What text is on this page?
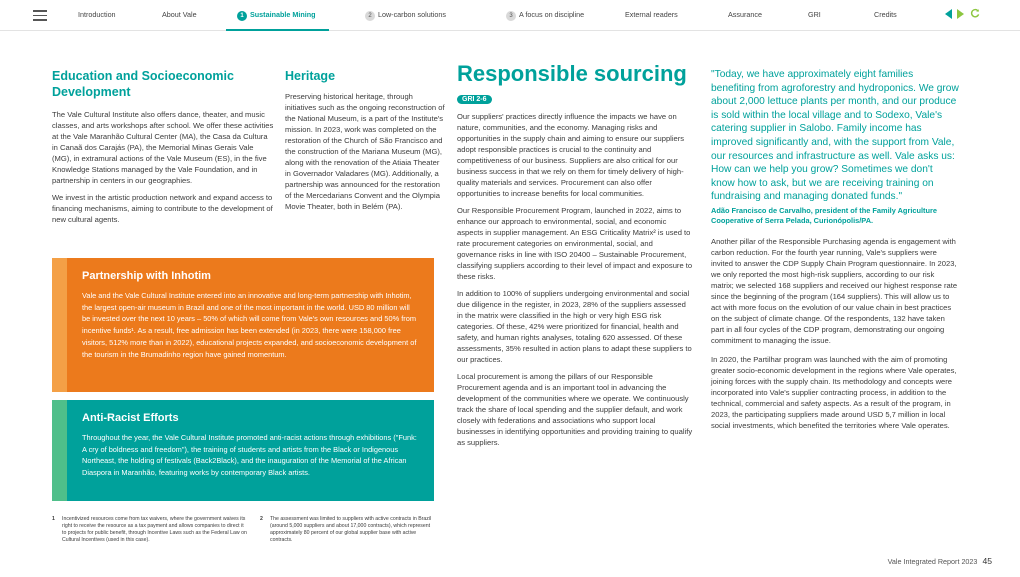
Introduction	About Vale	1 Sustainable Mining	2 Low-carbon solutions	3 A focus on discipline	External readers	Assurance	GRI	Credits
Education and Socioeconomic Development

The Vale Cultural Institute also offers dance, theater, and music classes, and arts workshops after school. We offer these activities at the Vale Maranhão Cultural Center (MA), the Casa da Cultura in Canaã dos Carajás (PA), the Memorial Minas Gerais Vale (MG), in extramural actions of the Vale Museum (ES), in the five Knowledge Stations managed by the Vale Foundation, and in partnership in centers in our geographies.

We invest in the artistic production network and expand access to financing mechanisms, aiming to contribute to the development of new cultural agents.

Heritage

Preserving historical heritage, through initiatives such as the ongoing reconstruction of the National Museum, is a part of the Institute's mission. In 2023, work was completed on the restoration of the Church of São Francisco and the construction of the Mariana Museum (MG), along with the renovation of the Atiaia Theater in Governador Valadares (MG). Additionally, a partnership was announced for the restoration of the Mercedarians Convent and the Olympia Movie Theater, both in Belém (PA).

Partnership with Inhotim
Vale and the Vale Cultural Institute entered into an innovative and long-term partnership with Inhotim, the largest open-air museum in Brazil and one of the most important in the world. USD 80 million will be invested over the next 10 years – 50% of which will come from Vale's own resources and 50% from incentive funds¹. As a result, free admission has been extended (in 2023, there were 158,000 free visitors, 512% more than in 2022), educational projects expanded, and socioeconomic development of the tourism in the Brumadinho region have gained momentum.
Anti-Racist Efforts
Throughout the year, the Vale Cultural Institute promoted anti-racist actions through exhibitions ("Funk: A cry of boldness and freedom"), the training of students and artists from the Black or Indigenous Northeast, the holding of festivals (Back2Black), and the inauguration of the Memorial of the African Diaspora in Maranhão, featuring works by contemporary Black artists.
1 Incentivized resources come from tax waivers, where the government waives its right to receive the resource as a tax payment and allows companies to direct it to projects for public benefit, through Incentive Laws such as the Federal Law on Cultural Incentives (used in this case).
2 The assessment was limited to suppliers with active contracts in Brazil (around 5,000 suppliers and about 17,000 contracts), which represent approximately 80 percent of our global supplier base with active contracts.
Responsible sourcing
GRI 2-6

Our suppliers' practices directly influence the impacts we have on nature, communities, and the economy. Managing risks and opportunities in the supply chain and aiming to ensure our suppliers adopt responsible practices is crucial to the continuity and competitiveness of our business. Suppliers are also critical for our business success in that we rely on them for timely delivery of high-quality materials and services. Procurement can also offer opportunities to increase benefits for local communities.

Our Responsible Procurement Program, launched in 2022, aims to enhance our approach to environmental, social, and economic aspects in supplier management. An ESG Criticality Matrix² is used to rate procurement categories on environmental, social, and governance risks in line with ISO 20400 – Sustainable Procurement, classifying suppliers according to their level of impact and exposure to these risks.

In addition to 100% of suppliers undergoing environmental and social due diligence in the register, in 2023, 28% of the suppliers assessed in the matrix were classified in the high or very high ESG risk categories. Of these, 42% were prioritized for financial, health and safety, and human rights analyses, totaling 620 assessed. Of these assessments, 35% resulted in action plans to adapt these suppliers to our practices.

Local procurement is among the pillars of our Responsible Procurement agenda and is an important tool in advancing the development of the communities where we operate. We continuously track the share of local spending and the supplier default, and work closely with federations and associations who support local businesses in identifying opportunities and providing training to qualify as suppliers.

"Today, we have approximately eight families benefiting from agroforestry and hydroponics. We grow about 2,000 lettuce plants per month, and our produce is sold within the local village and to Sodexo, Vale's catering supplier in Salobo. Family income has improved significantly and, with the support from Vale, our resources and infrastructure as well. Vale asks us: How can we help you grow? Sometimes we don't know how to ask, but we are receiving training on fundraising and managing donated funds."

Adão Francisco de Carvalho, president of the Family Agriculture Cooperative of Serra Pelada, Curionópolis/PA.

Another pillar of the Responsible Purchasing agenda is engagement with carbon reduction. For the fourth year running, Vale's suppliers were invited to answer the CDP Supply Chain Program questionnaire. In 2023, we only reported the most high-risk suppliers, according to our risk matrix; we selected 168 suppliers and received our highest response rate since the beginning of the program (164 suppliers). This will allow us to act with more focus on the evolution of our value chain in best practices on the subject of climate change. Of the respondents, 132 have taken part in all four cycles of the CDP program, demonstrating our ongoing commitment to managing the issue.

In 2020, the Partilhar program was launched with the aim of promoting greater socio-economic development in the regions where Vale operates, joining forces with the supply chain. Its methodology and concepts were incorporated into Vale's supplier contracting process, in addition to the technical, commercial and safety aspects. As a result of the program, in 2023, the participating suppliers made around USD 5,7 million in local social investments, which benefited the territories where Vale operates.

Vale Integrated Report 2023 45
